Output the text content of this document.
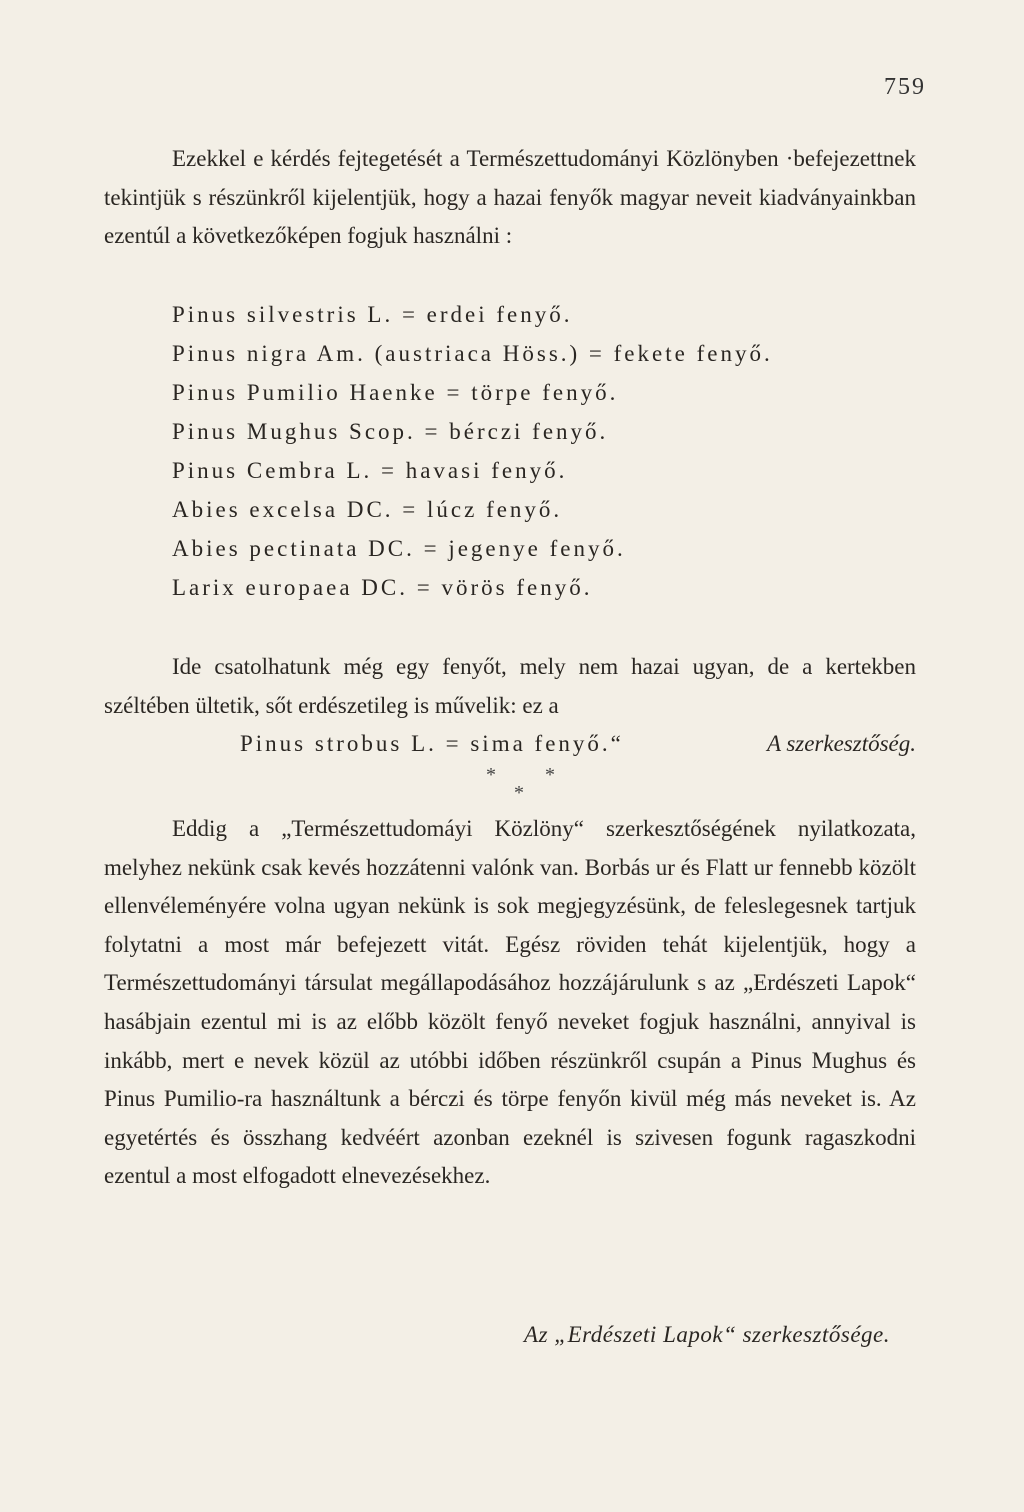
759
Ezekkel e kérdés fejtegetését a Természettudományi Közlönyben ·befejezettnek tekintjük s részünkről kijelentjük, hogy a hazai fenyők magyar neveit kiadványainkban ezentúl a következőképen fogjuk használni :
Pinus silvestris L. = erdei fenyő.
Pinus nigra Am. (austriaca Höss.) = fekete fenyő.
Pinus Pumilio Haenke = törpe fenyő.
Pinus Mughus Scop. = bérczi fenyő.
Pinus Cembra L. = havasi fenyő.
Abies excelsa DC. = lúcz fenyő.
Abies pectinata DC. = jegenye fenyő.
Larix europaea DC. = vörös fenyő.
Ide csatolhatunk még egy fenyőt, mely nem hazai ugyan, de a kertekben széltében ültetik, sőt erdészetileg is művelik: ez a
Pinus strobus L. = sima fenyő.“	A szerkesztőség.
* *
*
Eddig a „Természettudomáyi Közlöny“ szerkesztőségének nyilatkozata, melyhez nekünk csak kevés hozzátenni valónk van. Borbás ur és Flatt ur fennebb közölt ellenvéleményére volna ugyan nekünk is sok megjegyzésünk, de feleslegesnek tartjuk folytatni a most már befejezett vitát. Egész röviden tehát kijelentjük, hogy a Természettudományi társulat megállapodásához hozzájárulunk s az „Erdészeti Lapok“ hasábjain ezentul mi is az előbb közölt fenyő neveket fogjuk használni, annyival is inkább, mert e nevek közül az utóbbi időben részünkről csupán a Pinus Mughus és Pinus Pumilio-ra használtunk a bérczi és törpe fenyőn kivül még más neveket is. Az egyetértés és összhang kedvéért azonban ezeknél is szivesen fogunk ragaszkodni ezentul a most elfogadott elnevezésekhez.
Az „Erdészeti Lapok“ szerkesztősége.
